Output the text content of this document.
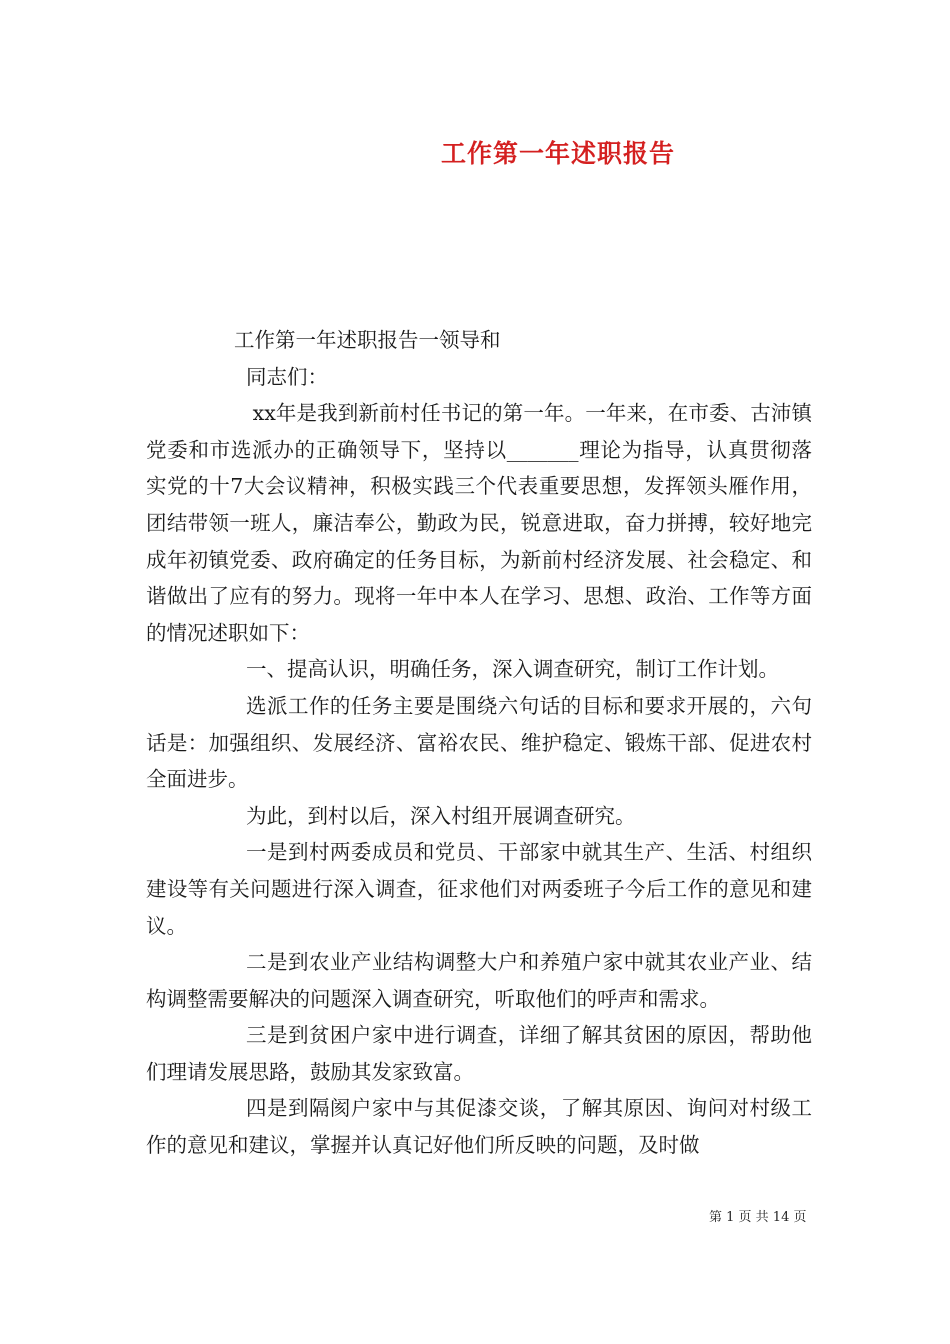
工作第一年述职报告

工作第一年述职报告一领导和

同志们：

xx年是我到新前村任书记的第一年。一年来，在市委、古沛镇党委和市选派办的正确领导下，坚持以_______理论为指导，认真贯彻落实党的十7大会议精神，积极实践三个代表重要思想，发挥领头雁作用，团结带领一班人，廉洁奉公，勤政为民，锐意进取，奋力拼搏，较好地完成年初镇党委、政府确定的任务目标，为新前村经济发展、社会稳定、和谐做出了应有的努力。现将一年中本人在学习、思想、政治、工作等方面的情况述职如下：

一、提高认识，明确任务，深入调查研究，制订工作计划。

选派工作的任务主要是围绕六句话的目标和要求开展的，六句话是：加强组织、发展经济、富裕农民、维护稳定、锻炼干部、促进农村全面进步。

为此，到村以后，深入村组开展调查研究。

一是到村两委成员和党员、干部家中就其生产、生活、村组织建设等有关问题进行深入调查，征求他们对两委班子今后工作的意见和建议。

二是到农业产业结构调整大户和养殖户家中就其农业产业、结构调整需要解决的问题深入调查研究，听取他们的呼声和需求。

三是到贫困户家中进行调查，详细了解其贫困的原因，帮助他们理请发展思路，鼓励其发家致富。

四是到隔阂户家中与其促漆交谈，了解其原因、询问对村级工作的意见和建议，掌握并认真记好他们所反映的问题，及时做

第 1 页 共 14 页
